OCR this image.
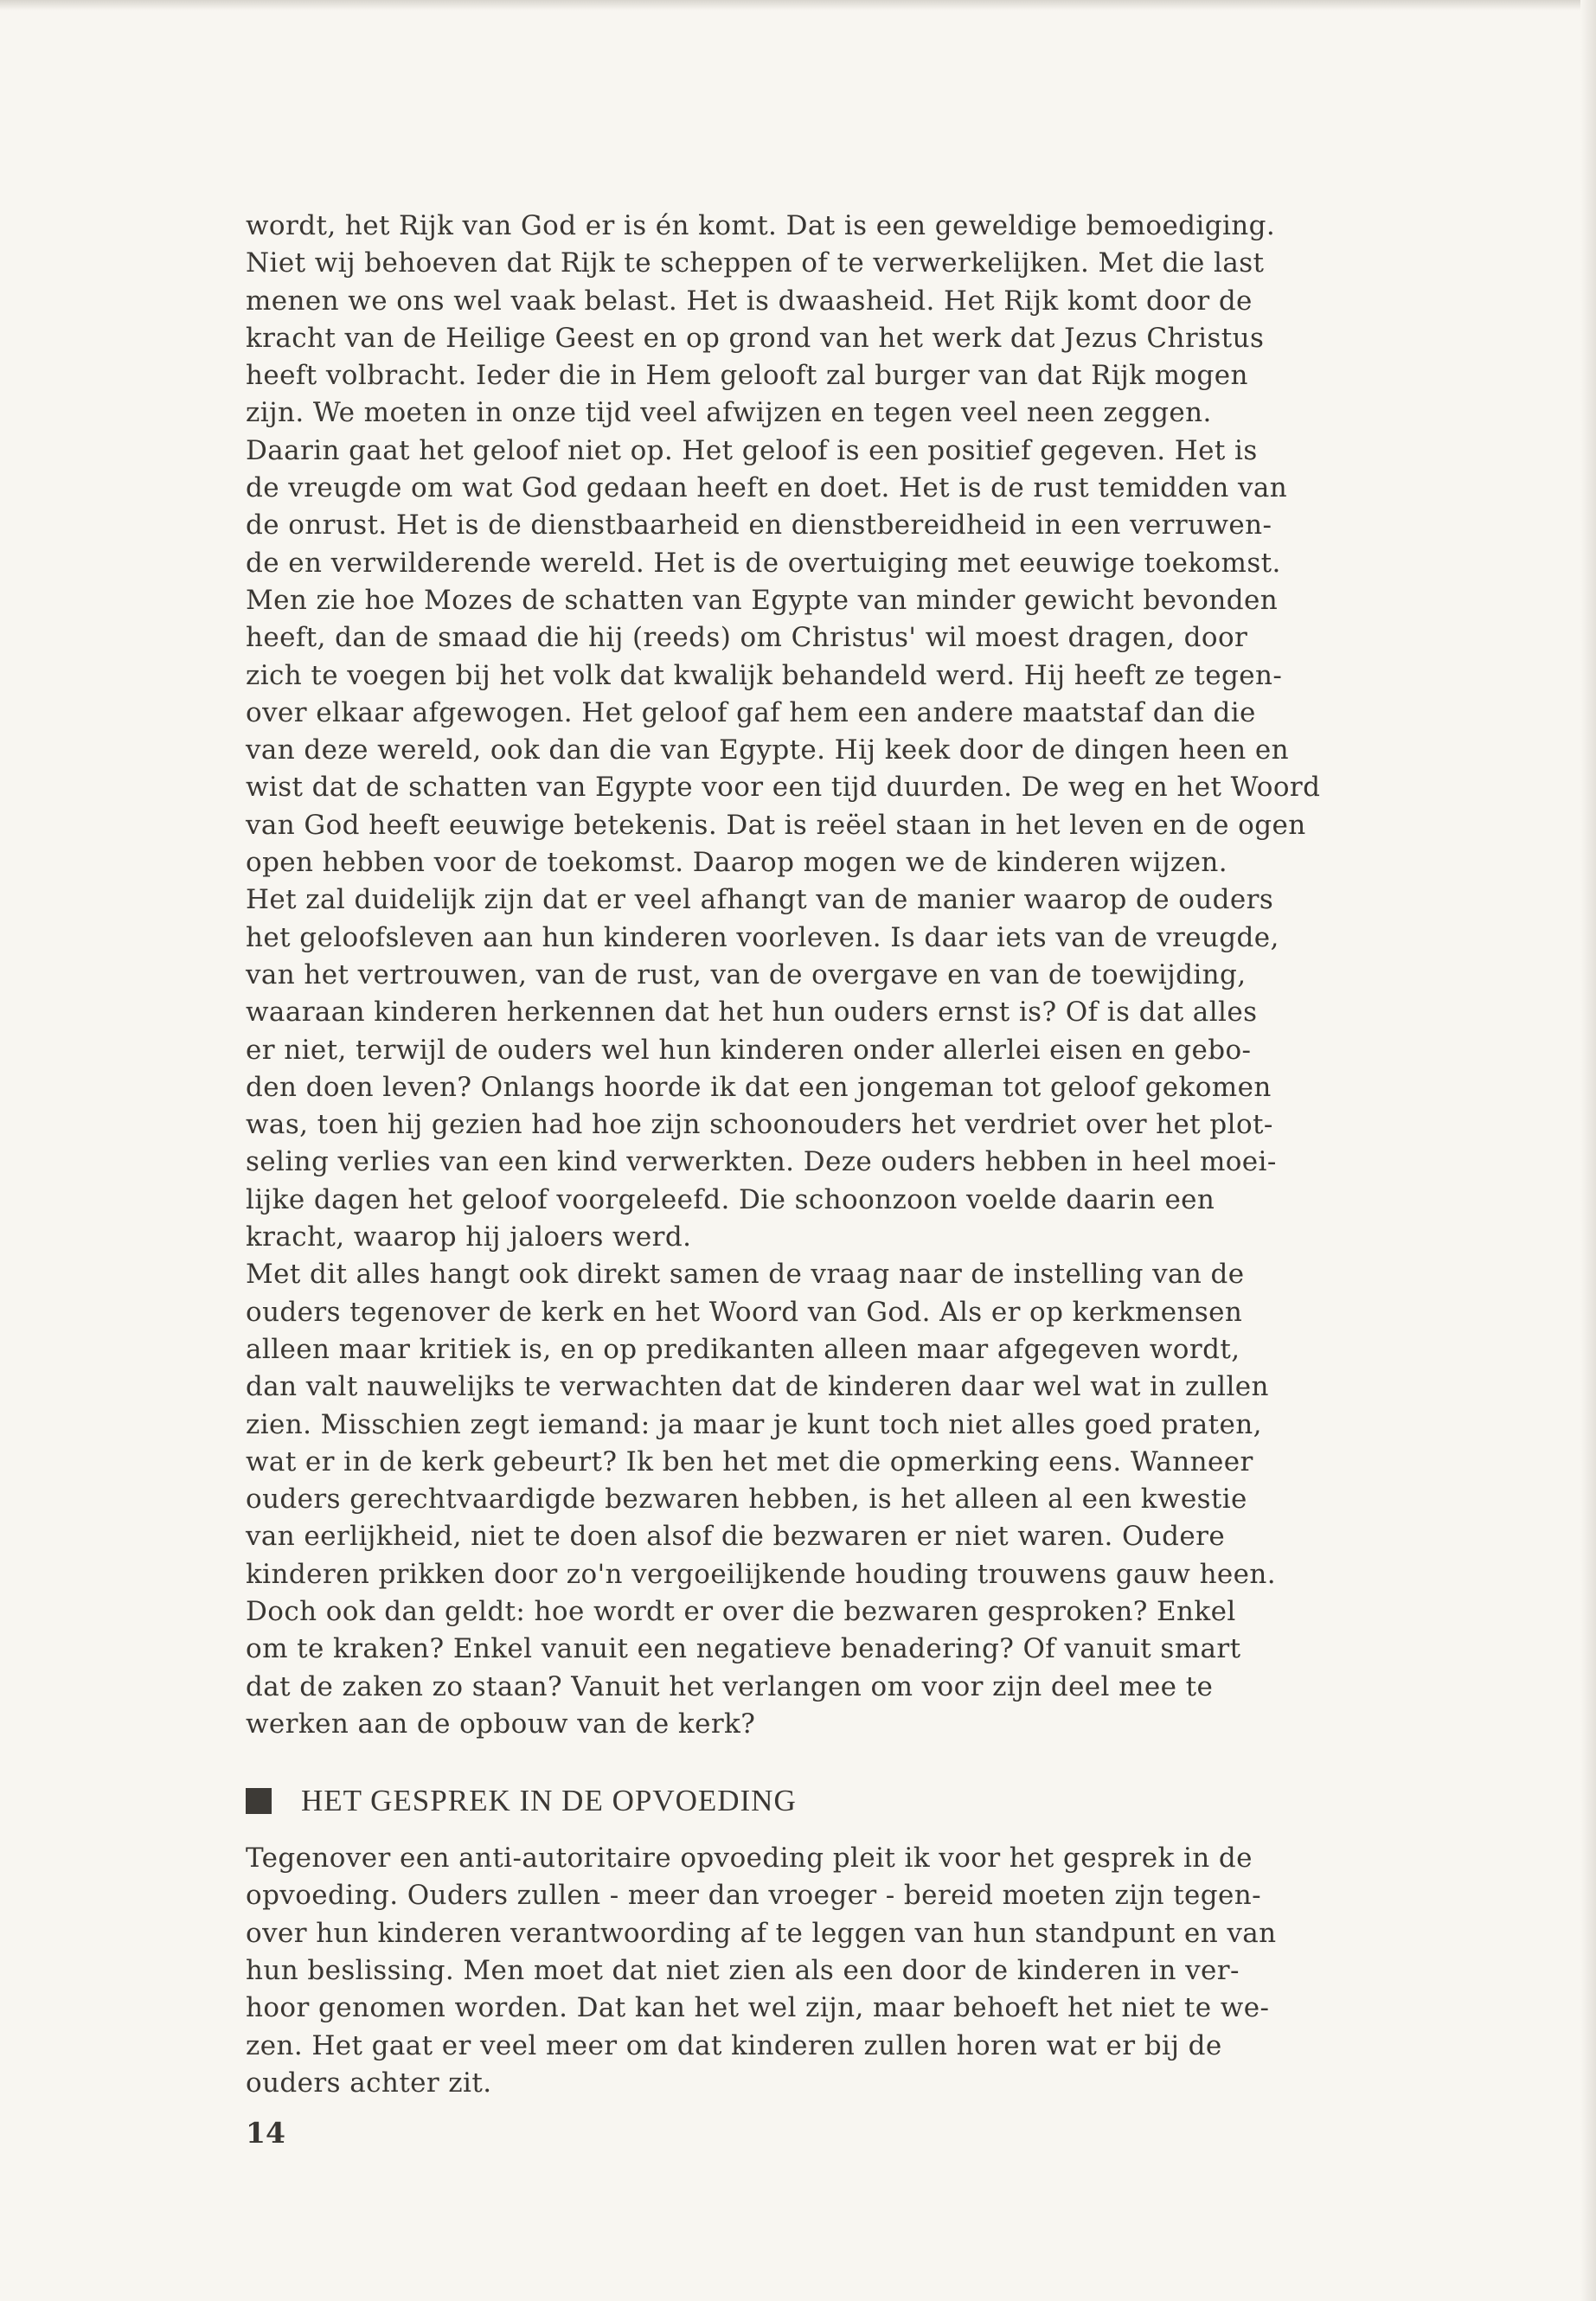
wordt, het Rijk van God er is én komt. Dat is een geweldige bemoediging.
Niet wij behoeven dat Rijk te scheppen of te verwerkelijken. Met die last
menen we ons wel vaak belast. Het is dwaasheid. Het Rijk komt door de
kracht van de Heilige Geest en op grond van het werk dat Jezus Christus
heeft volbracht. Ieder die in Hem gelooft zal burger van dat Rijk mogen
zijn. We moeten in onze tijd veel afwijzen en tegen veel neen zeggen.
Daarin gaat het geloof niet op. Het geloof is een positief gegeven. Het is
de vreugde om wat God gedaan heeft en doet. Het is de rust temidden van
de onrust. Het is de dienstbaarheid en dienstbereidheid in een verruwen-
de en verwilderende wereld. Het is de overtuiging met eeuwige toekomst.
Men zie hoe Mozes de schatten van Egypte van minder gewicht bevonden
heeft, dan de smaad die hij (reeds) om Christus' wil moest dragen, door
zich te voegen bij het volk dat kwalijk behandeld werd. Hij heeft ze tegen-
over elkaar afgewogen. Het geloof gaf hem een andere maatstaf dan die
van deze wereld, ook dan die van Egypte. Hij keek door de dingen heen en
wist dat de schatten van Egypte voor een tijd duurden. De weg en het Woord
van God heeft eeuwige betekenis. Dat is reëel staan in het leven en de ogen
open hebben voor de toekomst. Daarop mogen we de kinderen wijzen.
Het zal duidelijk zijn dat er veel afhangt van de manier waarop de ouders
het geloofsleven aan hun kinderen voorleven. Is daar iets van de vreugde,
van het vertrouwen, van de rust, van de overgave en van de toewijding,
waaraan kinderen herkennen dat het hun ouders ernst is? Of is dat alles
er niet, terwijl de ouders wel hun kinderen onder allerlei eisen en gebo-
den doen leven? Onlangs hoorde ik dat een jongeman tot geloof gekomen
was, toen hij gezien had hoe zijn schoonouders het verdriet over het plot-
seling verlies van een kind verwerkten. Deze ouders hebben in heel moei-
lijke dagen het geloof voorgeleefd. Die schoonzoon voelde daarin een
kracht, waarop hij jaloers werd.
Met dit alles hangt ook direkt samen de vraag naar de instelling van de
ouders tegenover de kerk en het Woord van God. Als er op kerkmensen
alleen maar kritiek is, en op predikanten alleen maar afgegeven wordt,
dan valt nauwelijks te verwachten dat de kinderen daar wel wat in zullen
zien. Misschien zegt iemand: ja maar je kunt toch niet alles goed praten,
wat er in de kerk gebeurt? Ik ben het met die opmerking eens. Wanneer
ouders gerechtvaardigde bezwaren hebben, is het alleen al een kwestie
van eerlijkheid, niet te doen alsof die bezwaren er niet waren. Oudere
kinderen prikken door zo'n vergoeilijkende houding trouwens gauw heen.
Doch ook dan geldt: hoe wordt er over die bezwaren gesproken? Enkel
om te kraken? Enkel vanuit een negatieve benadering? Of vanuit smart
dat de zaken zo staan? Vanuit het verlangen om voor zijn deel mee te
werken aan de opbouw van de kerk?
HET GESPREK IN DE OPVOEDING
Tegenover een anti-autoritaire opvoeding pleit ik voor het gesprek in de
opvoeding. Ouders zullen - meer dan vroeger - bereid moeten zijn tegen-
over hun kinderen verantwoording af te leggen van hun standpunt en van
hun beslissing. Men moet dat niet zien als een door de kinderen in ver-
hoor genomen worden. Dat kan het wel zijn, maar behoeft het niet te we-
zen. Het gaat er veel meer om dat kinderen zullen horen wat er bij de
ouders achter zit.
14
